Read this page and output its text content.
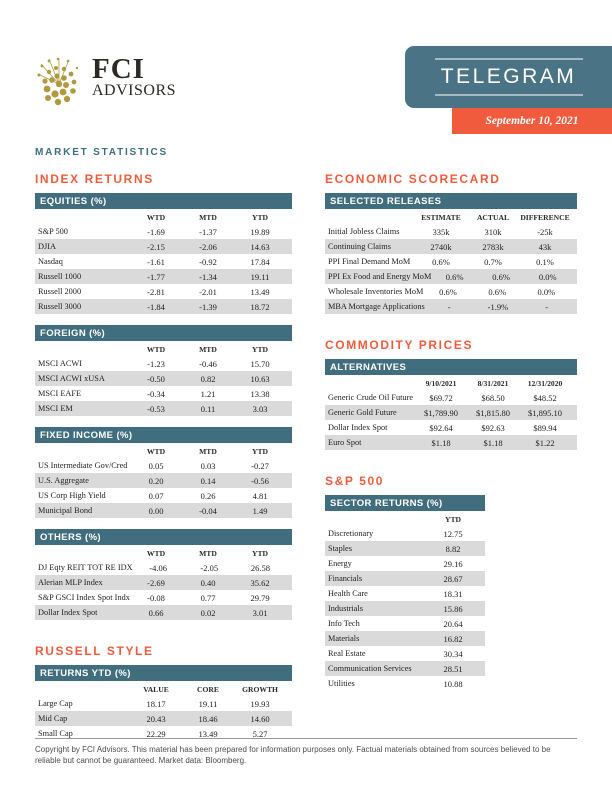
FCI
ADVISORS
TELEGRAM
September 10, 2021
MARKET STATISTICS
INDEX RETURNS
EQUITIES (%)
WTD	MTD	YTD
S&P 500	-1.69	-1.37	19.89
DJIA	-2.15	-2.06	14.63
Nasdaq	-1.61	-0.92	17.84
Russell 1000	-1.77	-1.34	19.11
Russell 2000	-2.81	-2.01	13.49
Russell 3000	-1.84	-1.39	18.72
FOREIGN (%)
WTD	MTD	YTD
MSCI ACWI	-1.23	-0.46	15.70
MSCI ACWI xUSA	-0.50	0.82	10.63
MSCI EAFE	-0.34	1.21	13.38
MSCI EM	-0.53	0.11	3.03
FIXED INCOME (%)
WTD	MTD	YTD
US Intermediate Gov/Cred	0.05	0.03	-0.27
U.S. Aggregate	0.20	0.14	-0.56
US Corp High Yield	0.07	0.26	4.81
Municipal Bond	0.00	-0.04	1.49
OTHERS (%)
WTD	MTD	YTD
DJ Eqty REIT TOT RE IDX	-4.06	-2.05	26.58
Alerian MLP Index	-2.69	0.40	35.62
S&P GSCI Index Spot Indx	-0.08	0.77	29.79
Dollar Index Spot	0.66	0.02	3.01
RUSSELL STYLE
RETURNS YTD (%)
VALUE	CORE	GROWTH
Large Cap	18.17	19.11	19.93
Mid Cap	20.43	18.46	14.60
Small Cap	22.29	13.49	5.27
ECONOMIC SCORECARD
SELECTED RELEASES
ESTIMATE	ACTUAL	DIFFERENCE
Initial Jobless Claims	335k	310k	-25k
Continuing Claims	2740k	2783k	43k
PPI Final Demand MoM	0.6%	0.7%	0.1%
PPI Ex Food and Energy MoM	0.6%	0.6%	0.0%
Wholesale Inventories MoM	0.6%	0.6%	0.0%
MBA Mortgage Applications	-	-1.9%	-
COMMODITY PRICES
ALTERNATIVES
9/10/2021	8/31/2021	12/31/2020
Generic Crude Oil Future	$69.72	$68.50	$48.52
Generic Gold Future	$1,789.90	$1,815.80	$1,895.10
Dollar Index Spot	$92.64	$92.63	$89.94
Euro Spot	$1.18	$1.18	$1.22
S&P 500
SECTOR RETURNS (%)
YTD
Discretionary	12.75
Staples	8.82
Energy	29.16
Financials	28.67
Health Care	18.31
Industrials	15.86
Info Tech	20.64
Materials	16.82
Real Estate	30.34
Communication Services	28.51
Utilities	10.88
Copyright by FCI Advisors. This material has been prepared for information purposes only. Factual materials obtained from sources believed to be reliable but cannot be guaranteed. Market data: Bloomberg.
